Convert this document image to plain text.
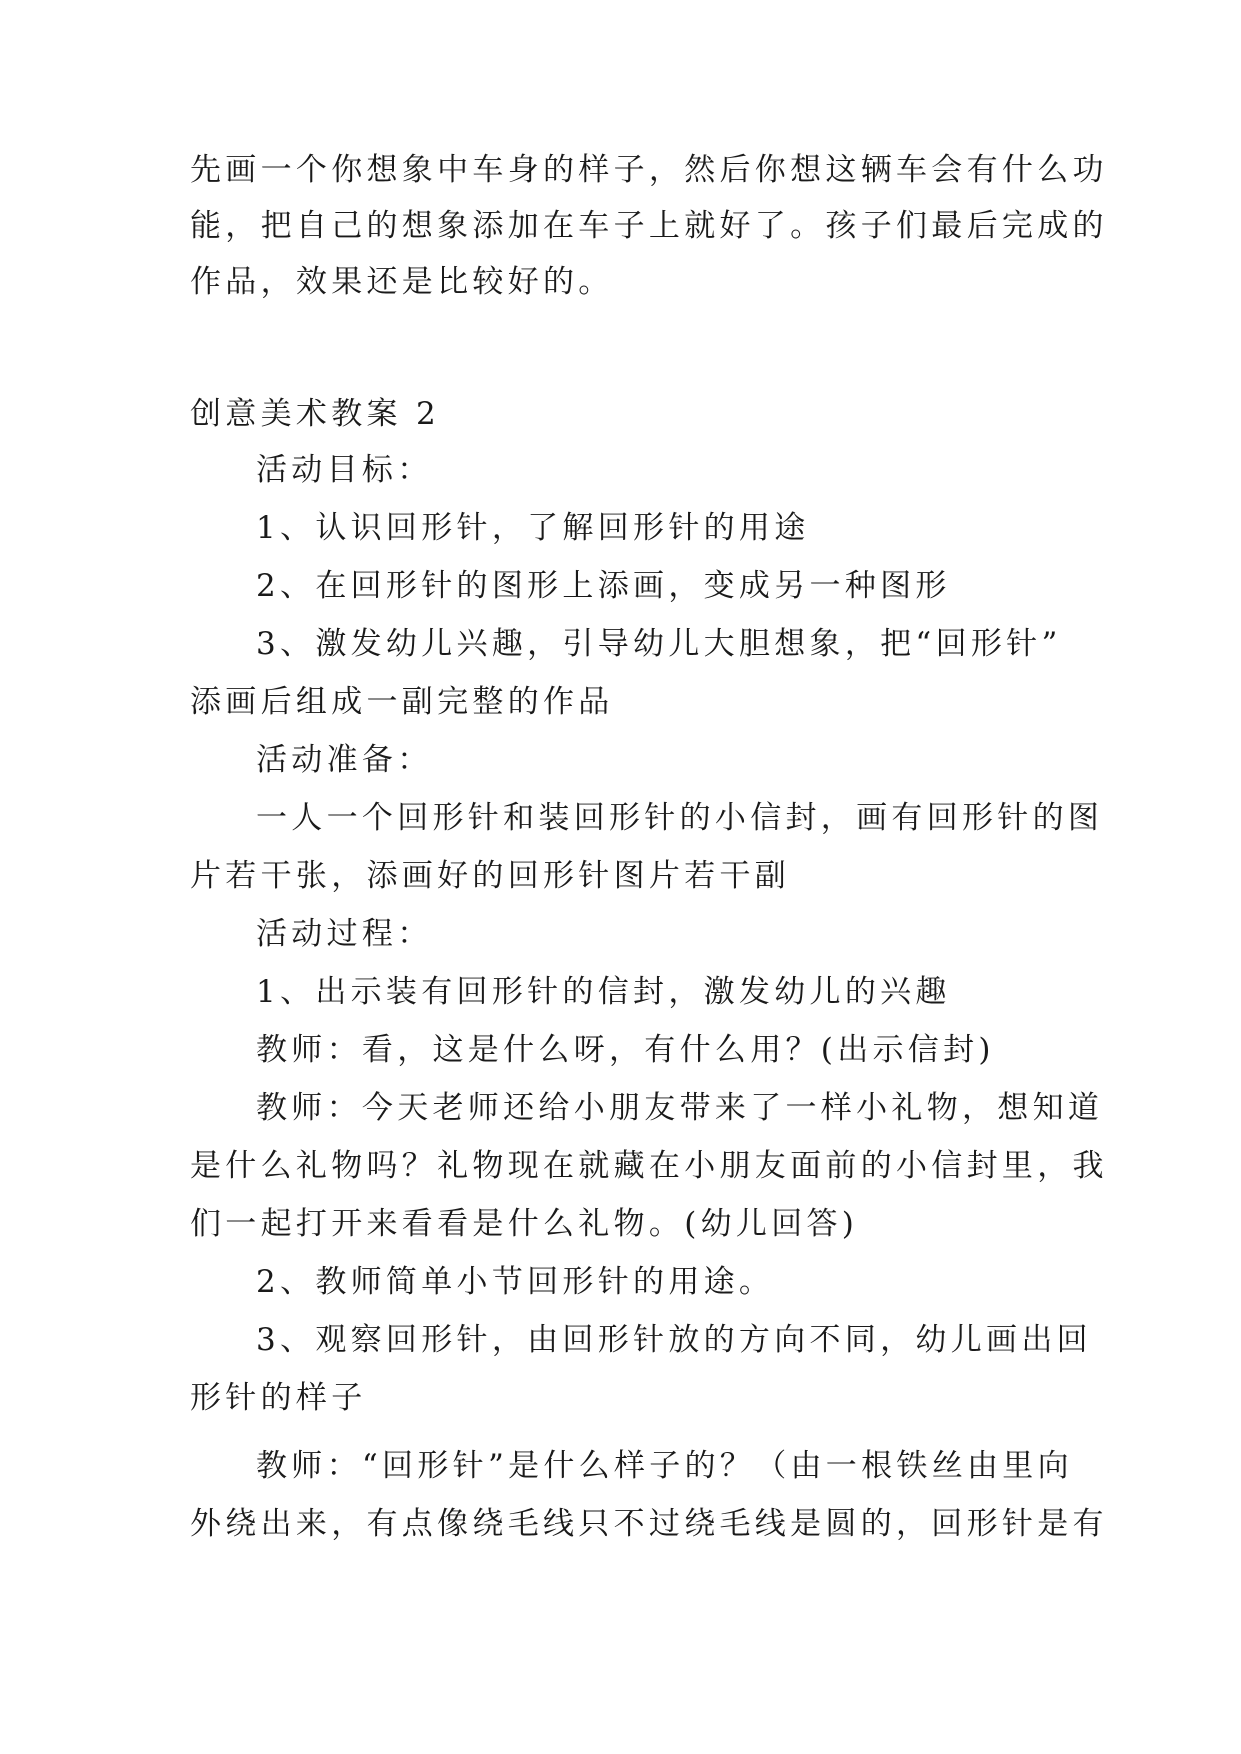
先画一个你想象中车身的样子，然后你想这辆车会有什么功
能，把自己的想象添加在车子上就好了。孩子们最后完成的
作品，效果还是比较好的。
创意美术教案 2
活动目标：
1、认识回形针，了解回形针的用途
2、在回形针的图形上添画，变成另一种图形
3、激发幼儿兴趣，引导幼儿大胆想象，把“回形针”
添画后组成一副完整的作品
活动准备：
一人一个回形针和装回形针的小信封，画有回形针的图
片若干张，添画好的回形针图片若干副
活动过程：
1、出示装有回形针的信封，激发幼儿的兴趣
教师：看，这是什么呀，有什么用？(出示信封)
教师：今天老师还给小朋友带来了一样小礼物，想知道
是什么礼物吗？礼物现在就藏在小朋友面前的小信封里，我
们一起打开来看看是什么礼物。(幼儿回答)
2、教师简单小节回形针的用途。
3、观察回形针，由回形针放的方向不同，幼儿画出回
形针的样子
教师：“回形针”是什么样子的？（由一根铁丝由里向
外绕出来，有点像绕毛线只不过绕毛线是圆的，回形针是有
